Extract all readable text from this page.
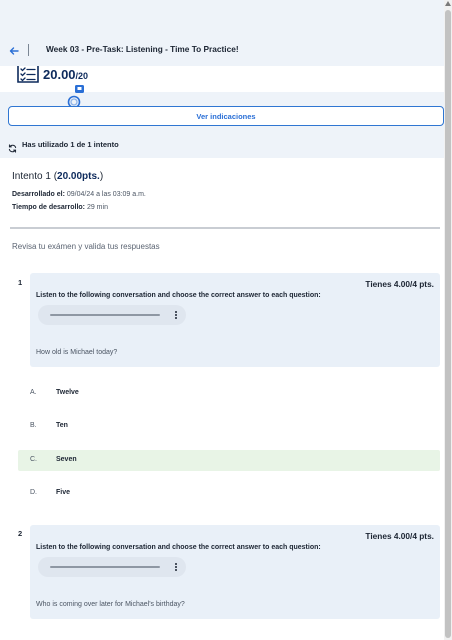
Week 03 - Pre-Task: Listening - Time To Practice!
20.00/20
Ver indicaciones
Has utilizado 1 de 1 intento
Intento 1 (20.00pts.)
Desarrollado el: 09/04/24 a las 03:09 a.m.
Tiempo de desarrollo: 29 min
Revisa tu exámen y valida tus respuestas
1	Tienes 4.00/4 pts.
Listen to the following conversation and choose the correct answer to each question:
How old is Michael today?
A.	Twelve
B.	Ten
C.	Seven
D.	Five
2	Tienes 4.00/4 pts.
Listen to the following conversation and choose the correct answer to each question:
Who is coming over later for Michael's birthday?
